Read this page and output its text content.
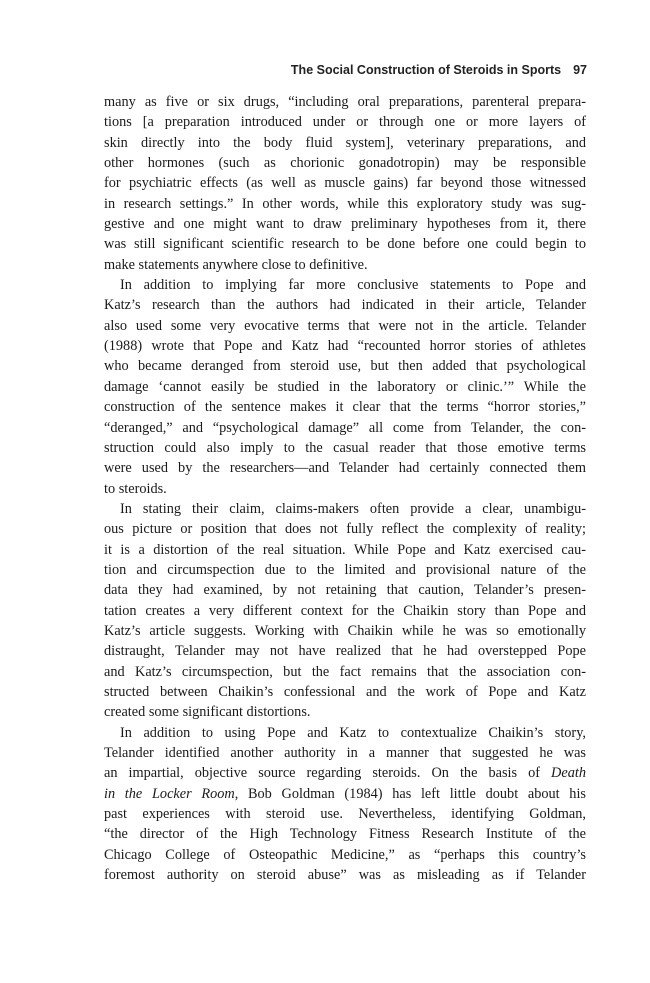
The Social Construction of Steroids in Sports 97

many as five or six drugs, “including oral preparations, parenteral prepara-
tions [a preparation introduced under or through one or more layers of
skin directly into the body fluid system], veterinary preparations, and
other hormones (such as chorionic gonadotropin) may be responsible
for psychiatric effects (as well as muscle gains) far beyond those witnessed
in research settings.” In other words, while this exploratory study was sug-
gestive and one might want to draw preliminary hypotheses from it, there
was still significant scientific research to be done before one could begin to
make statements anywhere close to definitive.

In addition to implying far more conclusive statements to Pope and
Katz’s research than the authors had indicated in their article, Telander
also used some very evocative terms that were not in the article. Telander
(1988) wrote that Pope and Katz had “recounted horror stories of athletes
who became deranged from steroid use, but then added that psychological
damage ‘cannot easily be studied in the laboratory or clinic.’” While the
construction of the sentence makes it clear that the terms “horror stories,”
“deranged,” and “psychological damage” all come from Telander, the con-
struction could also imply to the casual reader that those emotive terms
were used by the researchers—and Telander had certainly connected them
to steroids.

In stating their claim, claims-makers often provide a clear, unambigu-
ous picture or position that does not fully reflect the complexity of reality;
it is a distortion of the real situation. While Pope and Katz exercised cau-
tion and circumspection due to the limited and provisional nature of the
data they had examined, by not retaining that caution, Telander’s presen-
tation creates a very different context for the Chaikin story than Pope and
Katz’s article suggests. Working with Chaikin while he was so emotionally
distraught, Telander may not have realized that he had overstepped Pope
and Katz’s circumspection, but the fact remains that the association con-
structed between Chaikin’s confessional and the work of Pope and Katz
created some significant distortions.

In addition to using Pope and Katz to contextualize Chaikin’s story,
Telander identified another authority in a manner that suggested he was
an impartial, objective source regarding steroids. On the basis of Death
in the Locker Room, Bob Goldman (1984) has left little doubt about his
past experiences with steroid use. Nevertheless, identifying Goldman,
“the director of the High Technology Fitness Research Institute of the
Chicago College of Osteopathic Medicine,” as “perhaps this country’s
foremost authority on steroid abuse” was as misleading as if Telander
